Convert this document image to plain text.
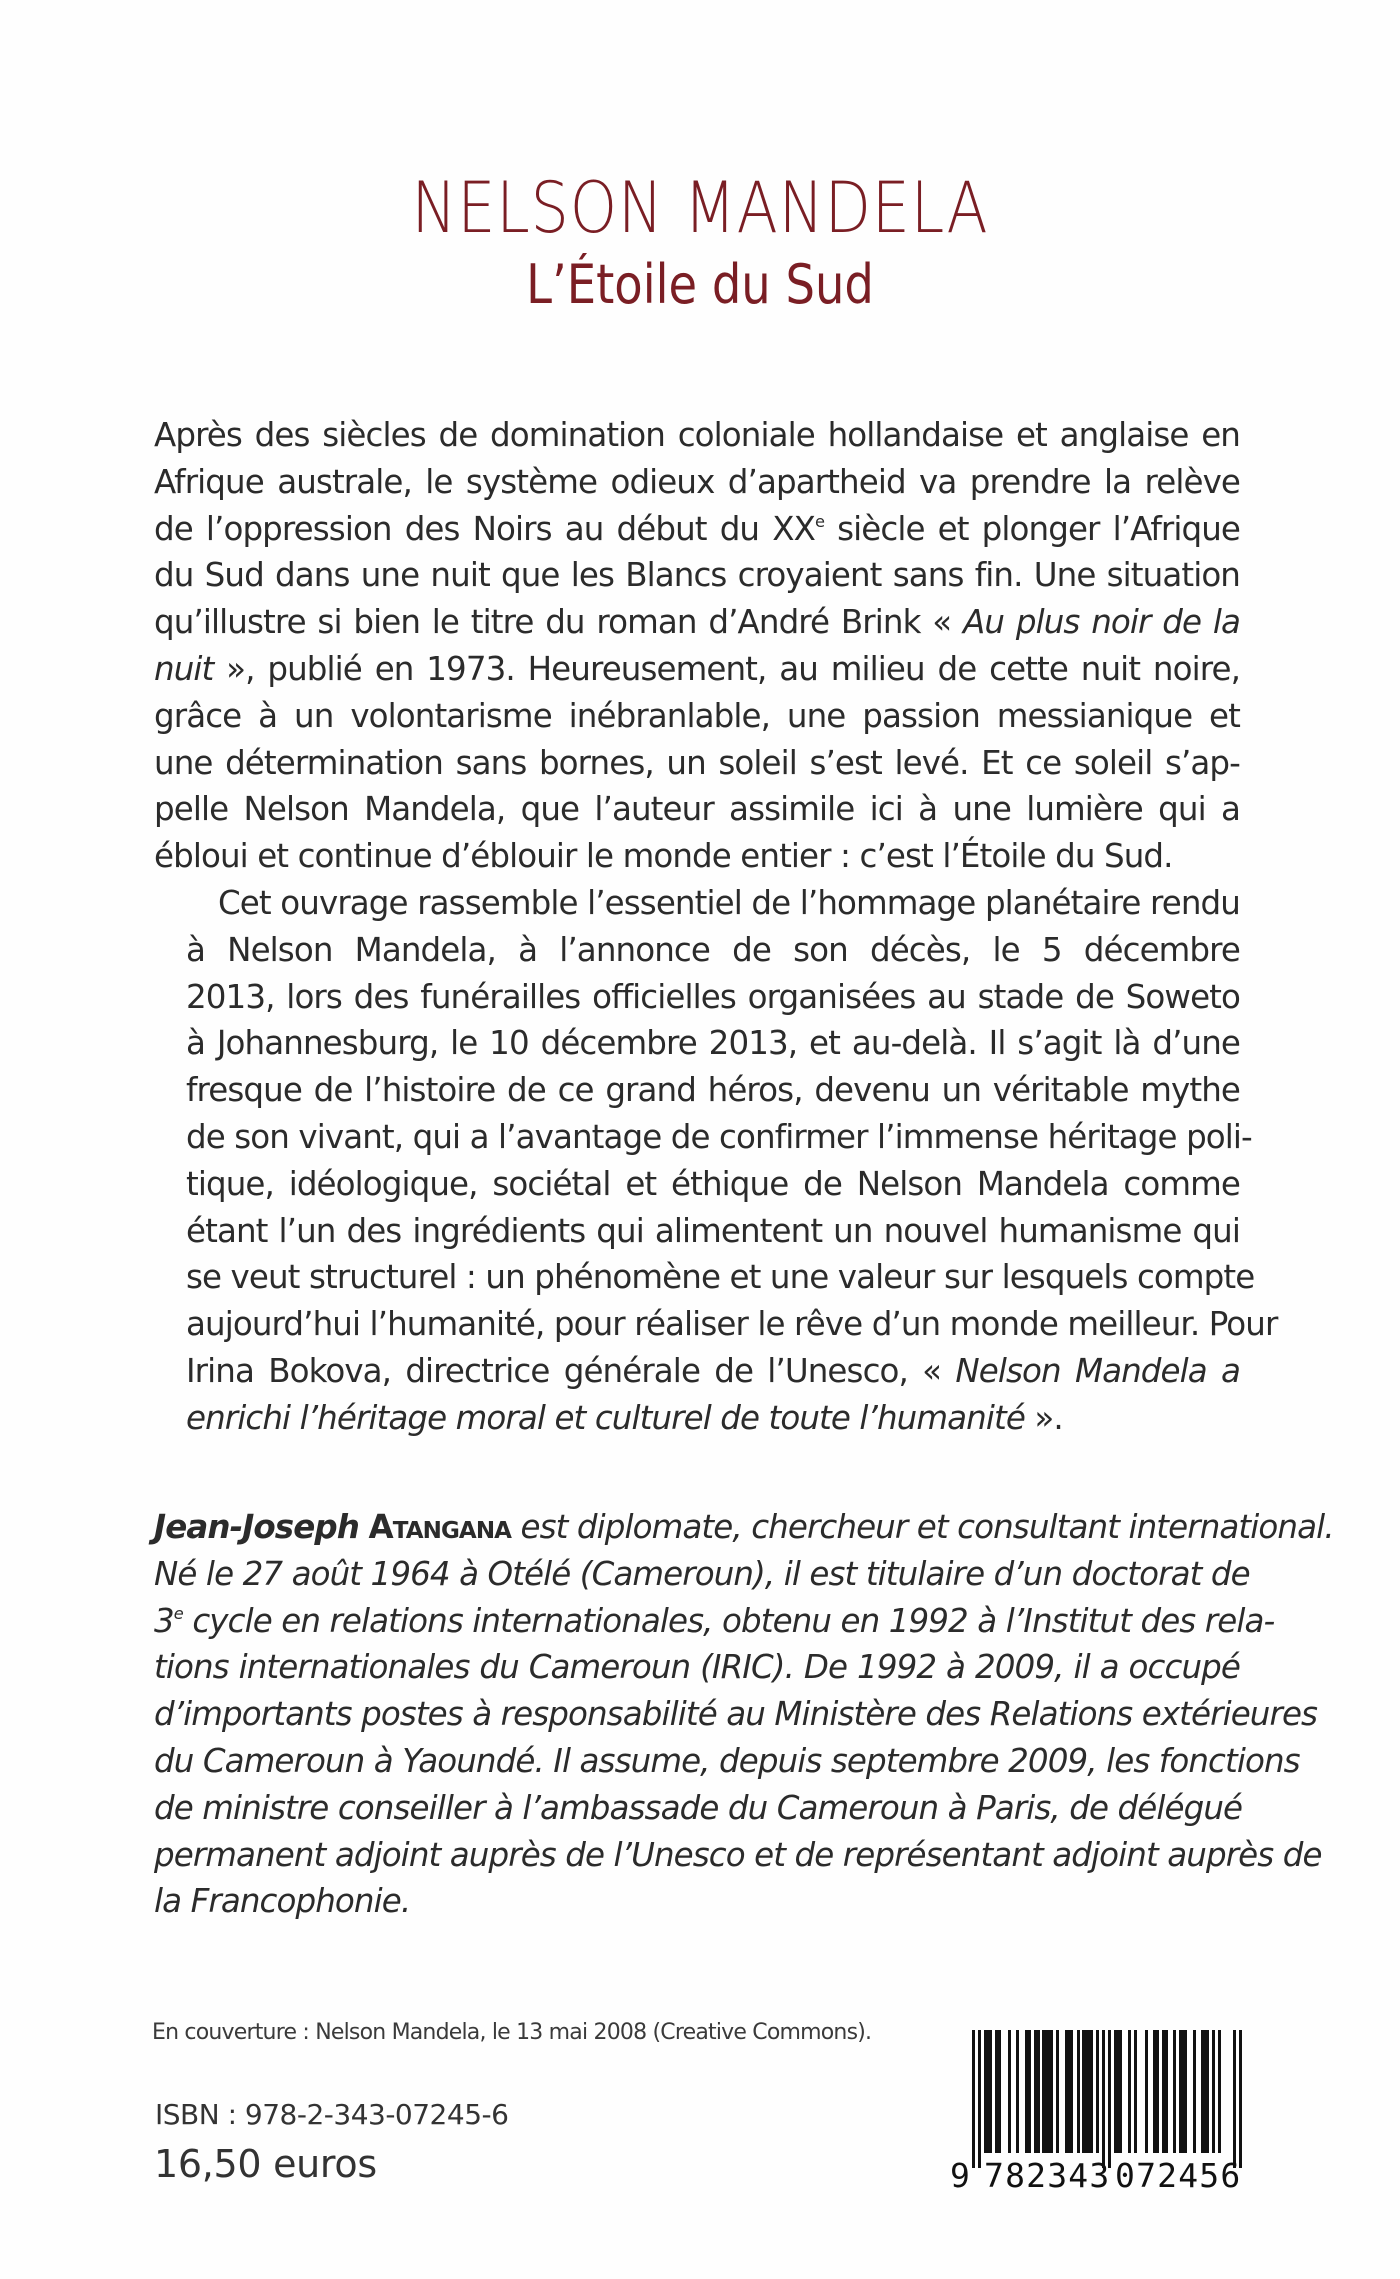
NELSON MANDELA
L’Étoile du Sud

Après des siècles de domination coloniale hollandaise et anglaise en
Afrique australe, le système odieux d’apartheid va prendre la relève
de l’oppression des Noirs au début du XXe siècle et plonger l’Afrique
du Sud dans une nuit que les Blancs croyaient sans fin. Une situation
qu’illustre si bien le titre du roman d’André Brink « Au plus noir de la
nuit », publié en 1973. Heureusement, au milieu de cette nuit noire,
grâce à un volontarisme inébranlable, une passion messianique et
une détermination sans bornes, un soleil s’est levé. Et ce soleil s’ap-
pelle Nelson Mandela, que l’auteur assimile ici à une lumière qui a
ébloui et continue d’éblouir le monde entier : c’est l’Étoile du Sud.

Cet ouvrage rassemble l’essentiel de l’hommage planétaire rendu
à Nelson Mandela, à l’annonce de son décès, le 5 décembre
2013, lors des funérailles officielles organisées au stade de Soweto
à Johannesburg, le 10 décembre 2013, et au-delà. Il s’agit là d’une
fresque de l’histoire de ce grand héros, devenu un véritable mythe
de son vivant, qui a l’avantage de confirmer l’immense héritage poli-
tique, idéologique, sociétal et éthique de Nelson Mandela comme
étant l’un des ingrédients qui alimentent un nouvel humanisme qui
se veut structurel : un phénomène et une valeur sur lesquels compte
aujourd’hui l’humanité, pour réaliser le rêve d’un monde meilleur. Pour
Irina Bokova, directrice générale de l’Unesco, « Nelson Mandela a
enrichi l’héritage moral et culturel de toute l’humanité ».

Jean-Joseph Atangana est diplomate, chercheur et consultant international.
Né le 27 août 1964 à Otélé (Cameroun), il est titulaire d’un doctorat de
3e cycle en relations internationales, obtenu en 1992 à l’Institut des rela-
tions internationales du Cameroun (IRIC). De 1992 à 2009, il a occupé
d’importants postes à responsabilité au Ministère des Relations extérieures
du Cameroun à Yaoundé. Il assume, depuis septembre 2009, les fonctions
de ministre conseiller à l’ambassade du Cameroun à Paris, de délégué
permanent adjoint auprès de l’Unesco et de représentant adjoint auprès de
la Francophonie.
En couverture : Nelson Mandela, le 13 mai 2008 (Creative Commons).
ISBN : 978-2-343-07245-6
16,50 euros	9 782343 072456
